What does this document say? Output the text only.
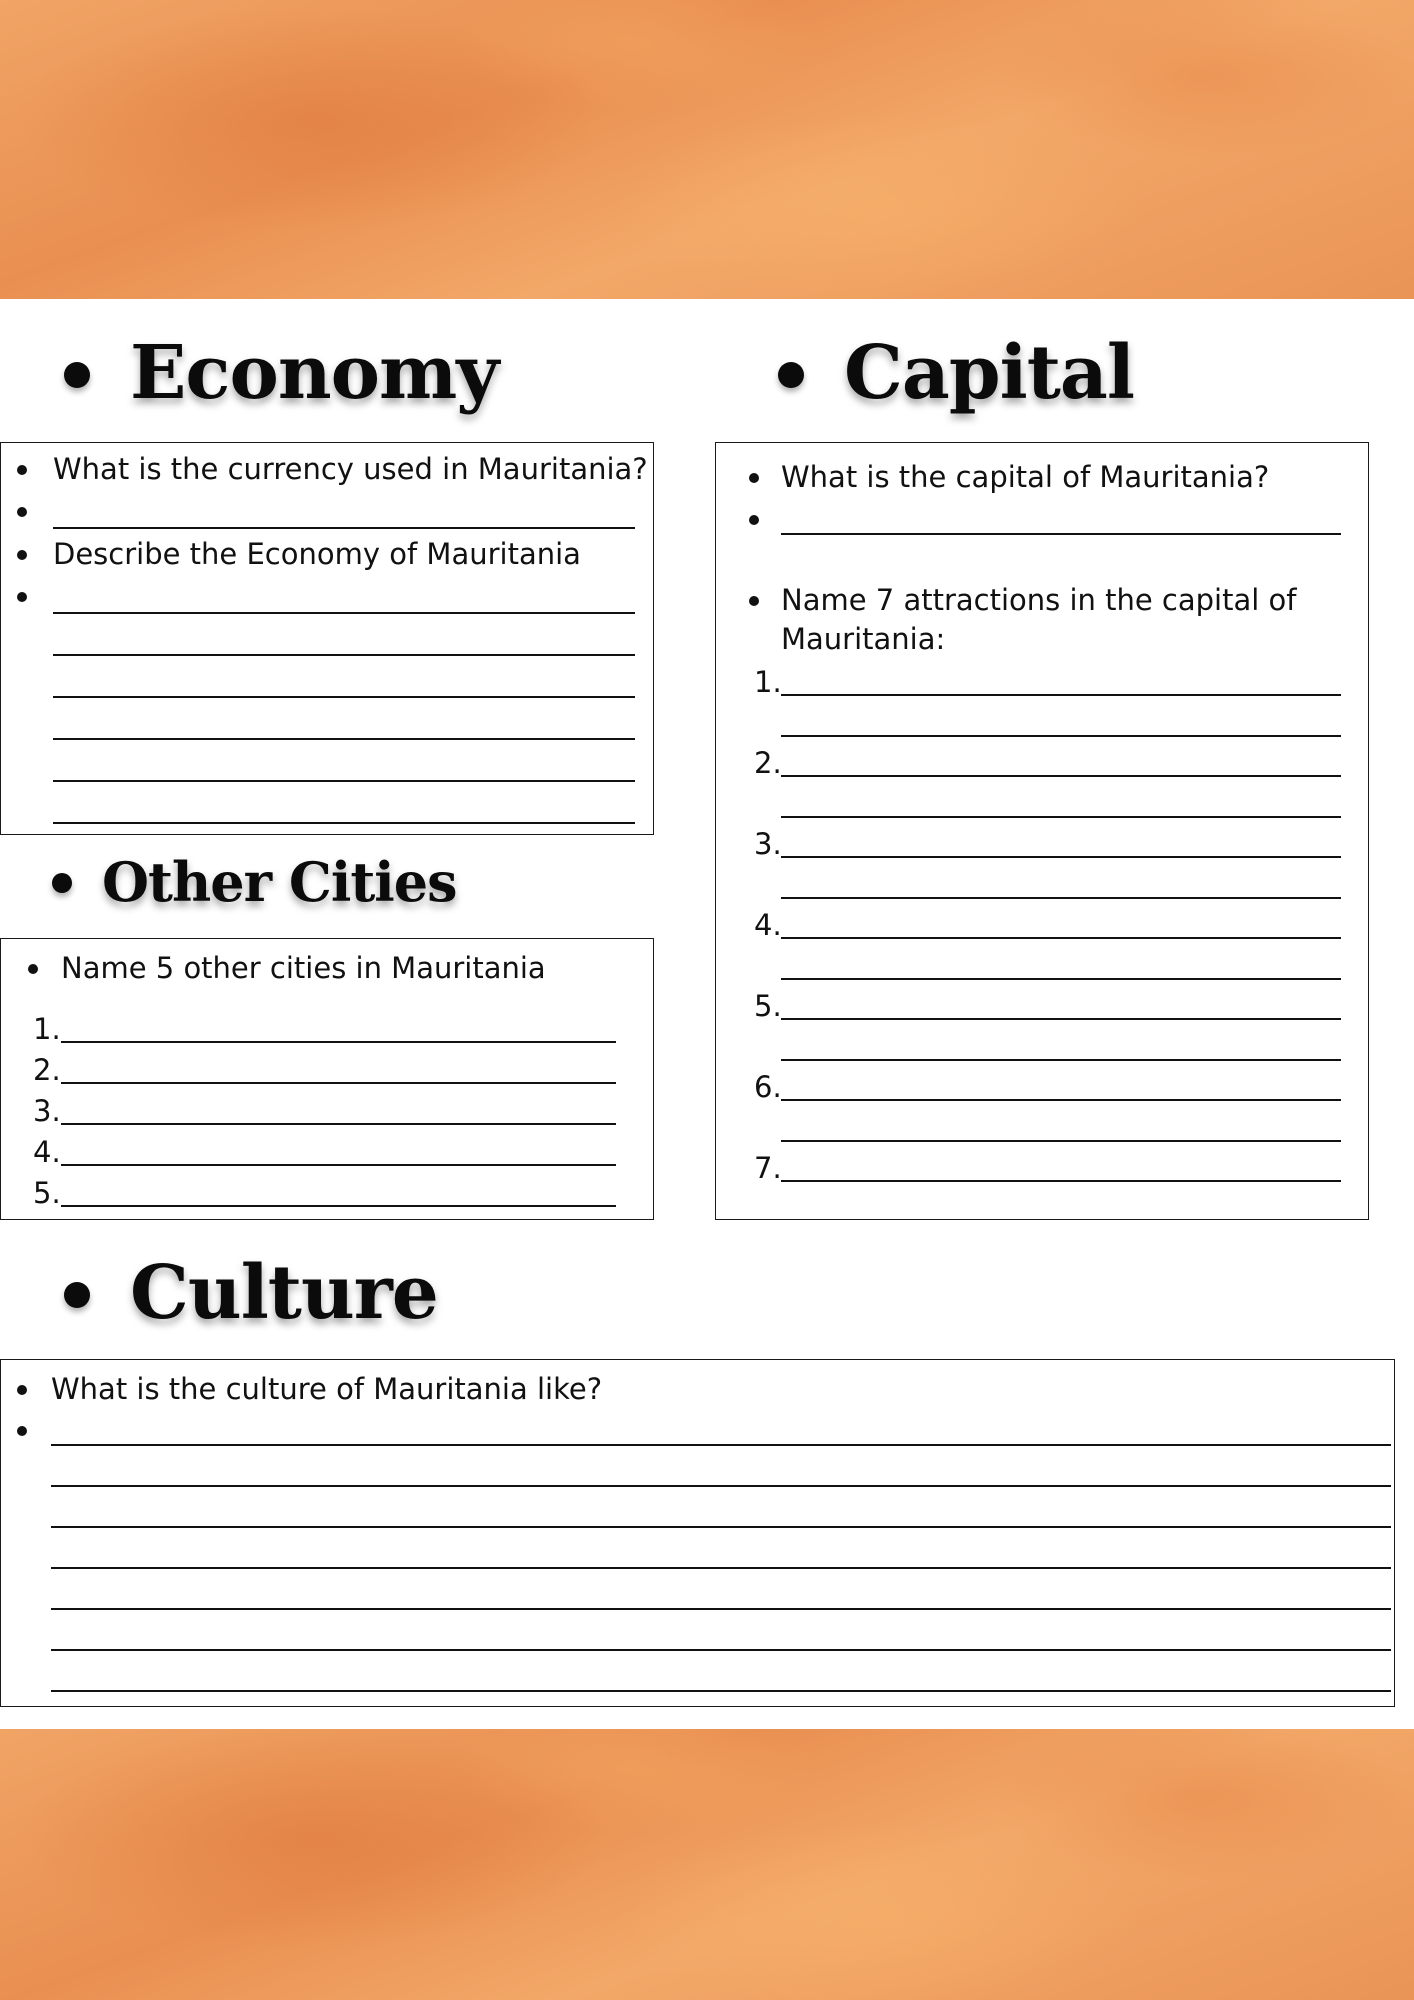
Economy
What is the currency used in Mauritania?
Describe the Economy of Mauritania
Other Cities
Name 5 other cities in Mauritania
1.
2.
3.
4.
5.
Capital
What is the capital of Mauritania?
Name 7 attractions in the capital of
Mauritania:
1.
2.
3.
4.
5.
6.
7.
Culture
What is the culture of Mauritania like?
